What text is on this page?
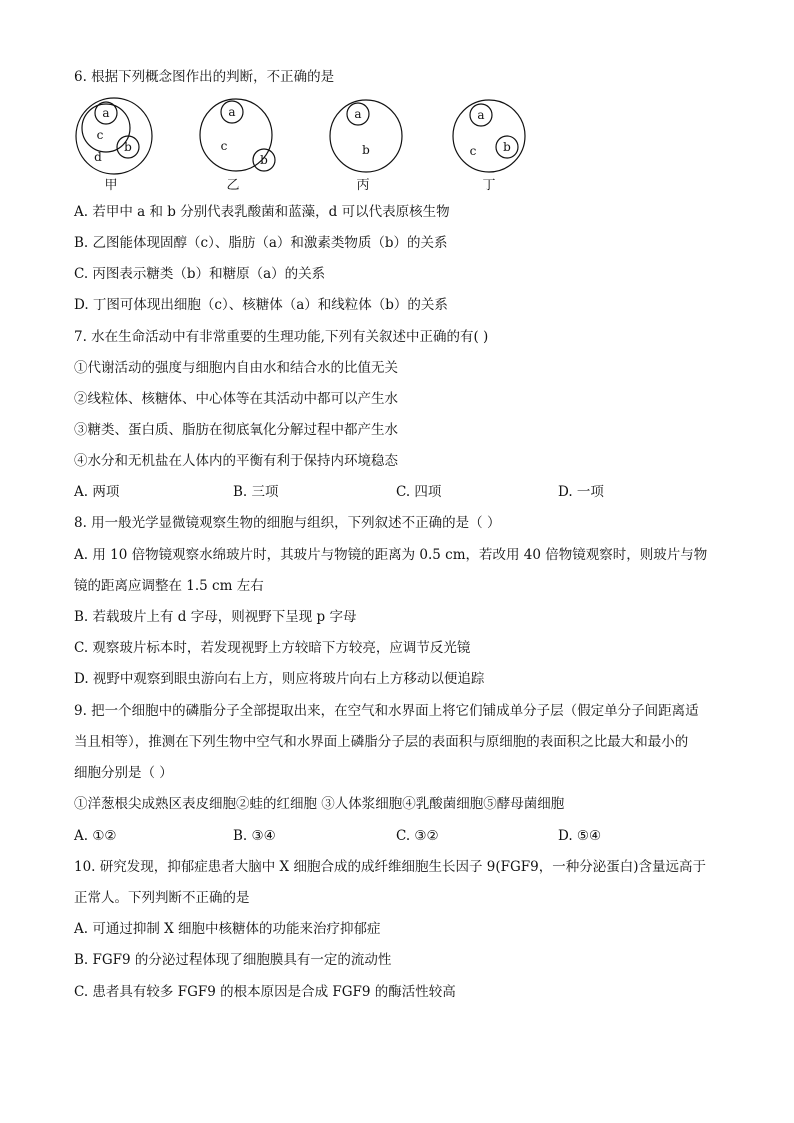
6. 根据下列概念图作出的判断，不正确的是
a
c
d
b
a
c
b
a
b
a
c b
甲	乙	丙	丁
A. 若甲中 a 和 b 分别代表乳酸菌和蓝藻，d 可以代表原核生物
B. 乙图能体现固醇（c）、脂肪（a）和激素类物质（b）的关系
C. 丙图表示糖类（b）和糖原（a）的关系
D. 丁图可体现出细胞（c）、核糖体（a）和线粒体（b）的关系
7. 水在生命活动中有非常重要的生理功能,下列有关叙述中正确的有( )
①代谢活动的强度与细胞内自由水和结合水的比值无关
②线粒体、核糖体、中心体等在其活动中都可以产生水
③糖类、蛋白质、脂肪在彻底氧化分解过程中都产生水
④水分和无机盐在人体内的平衡有利于保持内环境稳态
A. 两项	B. 三项	C. 四项	D. 一项
8. 用一般光学显微镜观察生物的细胞与组织，下列叙述不正确的是（ ）
A. 用 10 倍物镜观察水绵玻片时，其玻片与物镜的距离为 0.5 cm，若改用 40 倍物镜观察时，则玻片与物
镜的距离应调整在 1.5 cm 左右
B. 若载玻片上有 d 字母，则视野下呈现 p 字母
C. 观察玻片标本时，若发现视野上方较暗下方较亮，应调节反光镜
D. 视野中观察到眼虫游向右上方，则应将玻片向右上方移动以便追踪
9. 把一个细胞中的磷脂分子全部提取出来，在空气和水界面上将它们铺成单分子层（假定单分子间距离适
当且相等），推测在下列生物中空气和水界面上磷脂分子层的表面积与原细胞的表面积之比最大和最小的
细胞分别是（ ）
①洋葱根尖成熟区表皮细胞②蛙的红细胞 ③人体浆细胞④乳酸菌细胞⑤酵母菌细胞
A. ①②	B. ③④	C. ③②	D. ⑤④
10. 研究发现，抑郁症患者大脑中 X 细胞合成的成纤维细胞生长因子 9(FGF9，一种分泌蛋白)含量远高于
正常人。下列判断不正确的是
A. 可通过抑制 X 细胞中核糖体的功能来治疗抑郁症
B. FGF9 的分泌过程体现了细胞膜具有一定的流动性
C. 患者具有较多 FGF9 的根本原因是合成 FGF9 的酶活性较高
